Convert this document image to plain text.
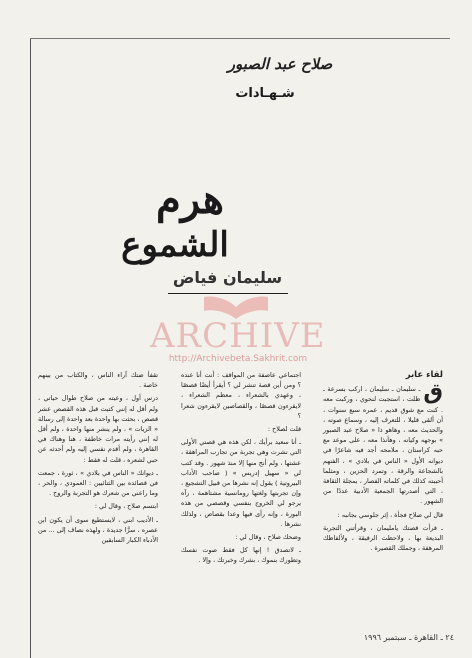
صلاح عبد الصبور
شـهـادات
هرم
الشموع
سليمان فياض
ARCHIVE
http://Archivebeta.Sakhrit.com

لقاء عابر

ق
ـ سليمان ـ سليمان ، اركب بسرعة ـ ظلت ، استجبت لنحوي ، وركبت معه . كنت مع شوق قديم ، عمره سبع سنوات ، أن ألقى قليلا ، للتعرف إليه ، وسماع صوته ، والحديث معه ، وهاهو ذا « صلاح عبد الصبور » بوجهه وكيانه ، وهأنذا معه ، على موعد مع حبه كراستان ، ملامحه أجد فيه شاعرًا في ديوانه الأول « الناس في بلادي » ، الفنهم بالشجاعة والرقة ، وتمرد الحزين ، ومثلما أحببته كذلك في كلماته الفصار ، بمجلة الثقافة ، التي أصدرتها الجمعية الأدبية عددًا من الشهور .

قال لي صلاح فجأة ، إثر جلوسي بجانبه :

ـ قرأت قصتك يامليمان ، وقرأتني التجربة البديعة بها ، ولاحظت الرقيقة ، ولألفاظك المرهفة ، وجملك القصيرة .

اجتماعي عاصفة من المواقف : أنت أنا عنده ؟ ومن أين قصة تنشر لي ؟ أيقرأ أيضًا قصصًا ، وعهدي بالشعراء ، معظم الشعراء ، لايقرءون قصصًا ، والقصاصين لايقرءون شعرا ؟

قلت لصلاح :

ـ أنا سعيد برأيك ، لكن هذه هي قصتي الأولى التي نشرت وهي تجربة من تجارب المراهقة ، عشتها ، ولم أنج منها إلا منذ شهور . وقد كتب لي « سهيل إدريس » ( صاحب الأداب البيروتية ) يقول إنه نشرها من قبيل التشجيع ، وإن تجربتها ولغتها رومانسية مشتاهمة ، رآه يرجو لي الخروج بنفسي وقصصي من هذه البورة ، وإنه رأى فيها وعدا بقصاص ، ولذلك نشرها .

وضحك صلاح ، وقال لي :

ـ لاتصدق ! إنها كل فقط صوت نفسك وتطورك بنموك ، بشرك وخبرتك ، وإلا .

تقفأ ضتك آراء الناس ، والكتاب من بينهم خاصة .

درس أول ، وعيته من صلاح طوال حياتي ، ولم أقل له إنني كتبت قبل هذه القصص عشر قصص ، بحثت بها واحدة بعد واحدة إلى رسالة « الزيات » ، ولم ينشر منها واحدة ، ولم أقل له إنني رأيته مرات خاطفة ، هنا وهناك في القاهرة ، ولم أقدم نفسي إليه ولم أحدثه عن حبي لشعره ، قلت له فقط :

ـ ديوانك « الناس في بلادي » ، ثورة ، جمعت في قصائده بين الثنائيين : العمودي ، والحر ، وما راعني من شعرك هو التجربة والروح .

ابتسم صلاح ، وقال لي :

ـ الأديب ابني ، لايستطيع سوى أن يكون ابن عصره ، سرًّا جديدة ، ولهذه نصاف إلى ... من الأدباء الكبار السابقين

٢٤ ـ القاهرة ـ سبتمبر ١٩٩٦
